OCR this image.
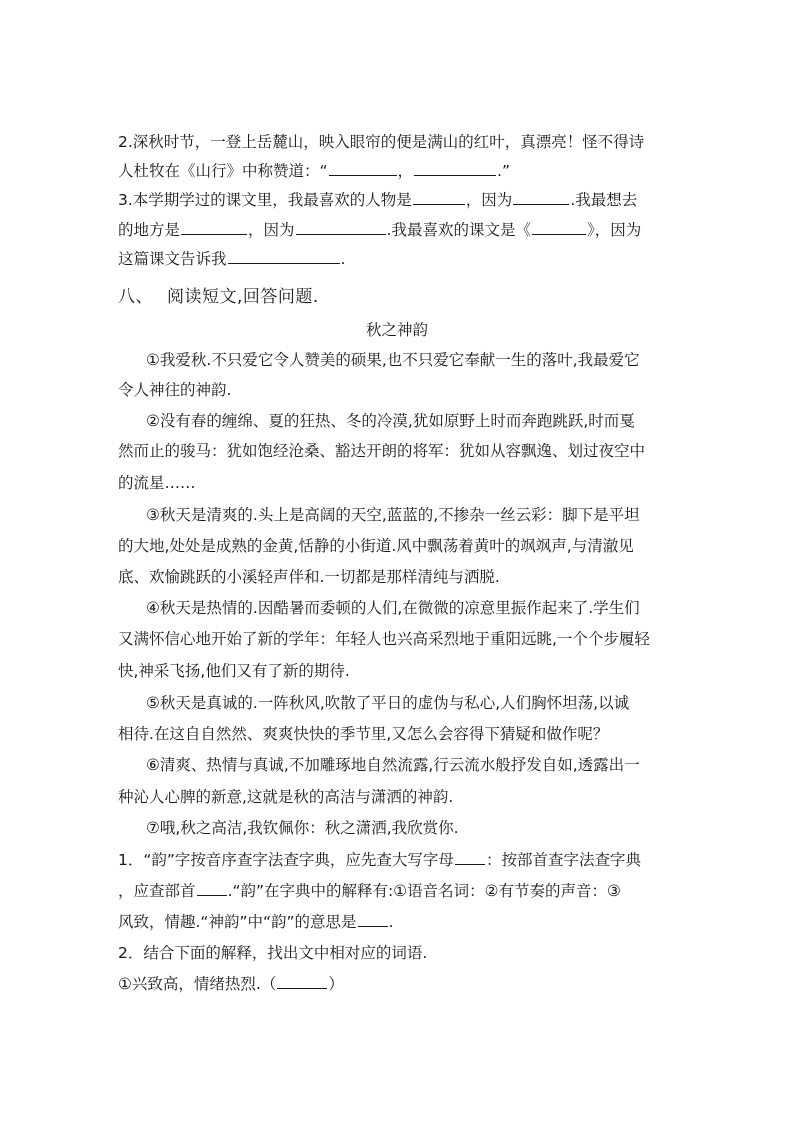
2.深秋时节，一登上岳麓山，映入眼帘的便是满山的红叶，真漂亮！怪不得诗
人杜牧在《山行》中称赞道：“	，	.”
3.本学期学过的课文里，我最喜欢的人物是	，因为	.我最想去
的地方是	，因为	.我最喜欢的课文是《	》，因为
这篇课文告诉我	.
八、 阅读短文,回答问题.
秋之神韵
①我爱秋.不只爱它令人赞美的硕果,也不只爱它奉献一生的落叶,我最爱它
令人神往的神韵.
②没有春的缠绵、夏的狂热、冬的冷漠,犹如原野上时而奔跑跳跃,时而戛
然而止的骏马：犹如饱经沧桑、豁达开朗的将军：犹如从容飘逸、划过夜空中
的流星……
③秋天是清爽的.头上是高阔的天空,蓝蓝的,不掺杂一丝云彩：脚下是平坦
的大地,处处是成熟的金黄,恬静的小街道.风中飘荡着黄叶的飒飒声,与清澈见
底、欢愉跳跃的小溪轻声伴和.一切都是那样清纯与洒脱.
④秋天是热情的.因酷暑而委顿的人们,在微微的凉意里振作起来了.学生们
又满怀信心地开始了新的学年：年轻人也兴高采烈地于重阳远眺,一个个步履轻
快,神采飞扬,他们又有了新的期待.
⑤秋天是真诚的.一阵秋风,吹散了平日的虚伪与私心,人们胸怀坦荡,以诚
相待.在这自自然然、爽爽快快的季节里,又怎么会容得下猜疑和做作呢？
⑥清爽、热情与真诚,不加雕琢地自然流露,行云流水般抒发自如,透露出一
种沁人心脾的新意,这就是秋的高洁与潇洒的神韵.
⑦哦,秋之高洁,我钦佩你：秋之潇洒,我欣赏你.
1．“韵”字按音序查字法查字典，应先查大写字母 ：按部首查字法查字典
，应查部首 .“韵”在字典中的解释有:①语音名词：②有节奏的声音：③
风致，情趣.“神韵”中“韵”的意思是 .
2．结合下面的解释，找出文中相对应的词语.
①兴致高，情绪热烈.（	）
